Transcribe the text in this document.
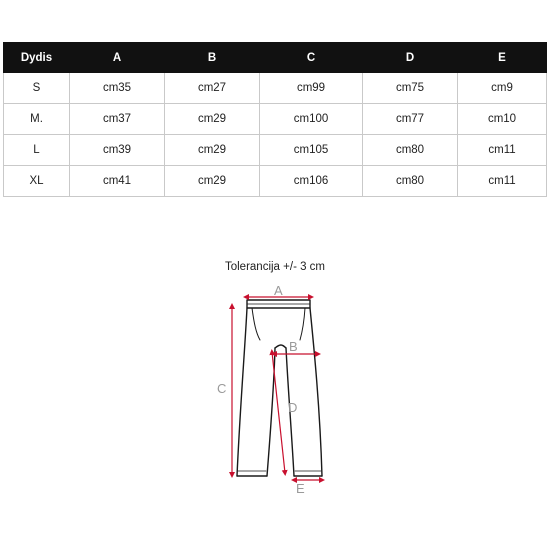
Dydis	A	B	C	D	E
S	cm35	cm27	cm99	cm75	cm9
M.	cm37	cm29	cm100	cm77	cm10
L	cm39	cm29	cm105	cm80	cm11
XL	cm41	cm29	cm106	cm80	cm11
Tolerancija +/- 3 cm
A
B
C
D
E
